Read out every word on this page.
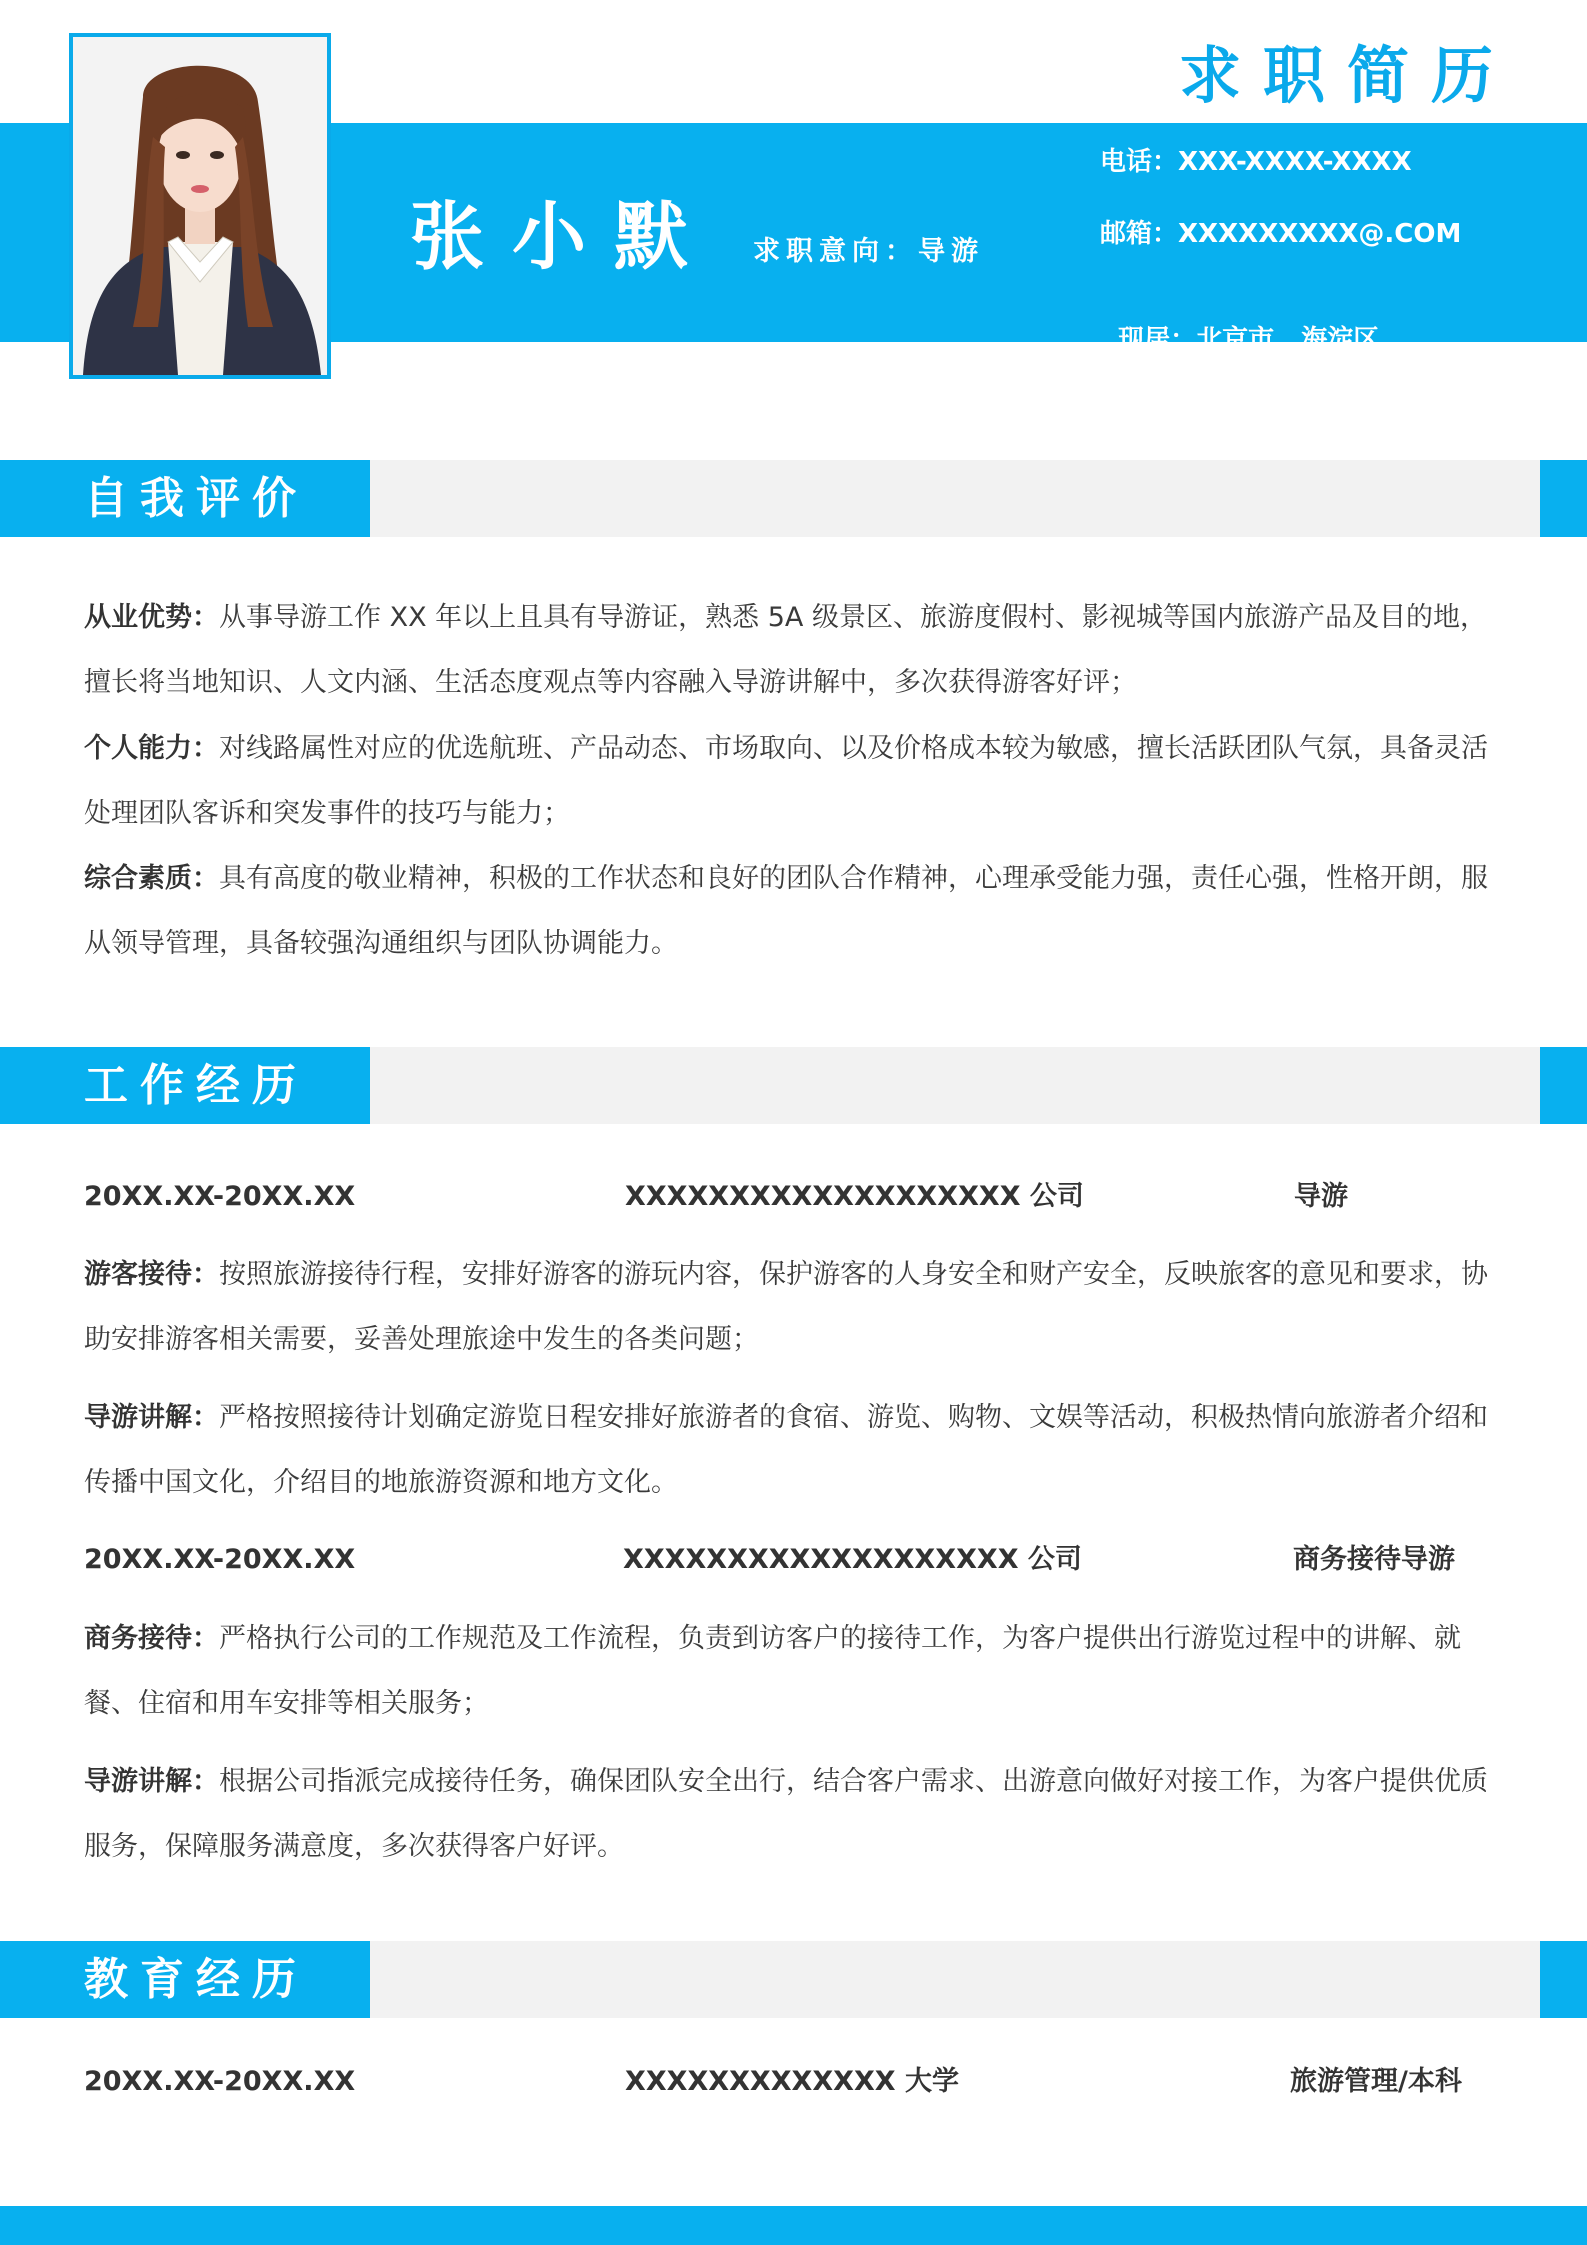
求职简历
张小默 求职意向：导游
电话：XXX-XXXX-XXXX
邮箱：XXXXXXXXX@.COM

现居：北京市   海淀区

自我评价
从业优势：从事导游工作 XX 年以上且具有导游证，熟悉 5A 级景区、旅游度假村、影视城等国内旅游产品及目的地，擅长将当地知识、人文内涵、生活态度观点等内容融入导游讲解中，多次获得游客好评；
个人能力：对线路属性对应的优选航班、产品动态、市场取向、以及价格成本较为敏感，擅长活跃团队气氛，具备灵活处理团队客诉和突发事件的技巧与能力；
综合素质：具有高度的敬业精神，积极的工作状态和良好的团队合作精神，心理承受能力强，责任心强，性格开朗，服从领导管理，具备较强沟通组织与团队协调能力。
工作经历
20XX.XX-20XX.XX	XXXXXXXXXXXXXXXXXXX 公司	导游
游客接待：按照旅游接待行程，安排好游客的游玩内容，保护游客的人身安全和财产安全，反映旅客的意见和要求，协助安排游客相关需要，妥善处理旅途中发生的各类问题；
导游讲解：严格按照接待计划确定游览日程安排好旅游者的食宿、游览、购物、文娱等活动，积极热情向旅游者介绍和传播中国文化，介绍目的地旅游资源和地方文化。
20XX.XX-20XX.XX	XXXXXXXXXXXXXXXXXXX 公司	商务接待导游
商务接待：严格执行公司的工作规范及工作流程，负责到访客户的接待工作，为客户提供出行游览过程中的讲解、就餐、住宿和用车安排等相关服务；
导游讲解：根据公司指派完成接待任务，确保团队安全出行，结合客户需求、出游意向做好对接工作，为客户提供优质服务，保障服务满意度，多次获得客户好评。
教育经历
20XX.XX-20XX.XX	XXXXXXXXXXXXX 大学	旅游管理/本科
